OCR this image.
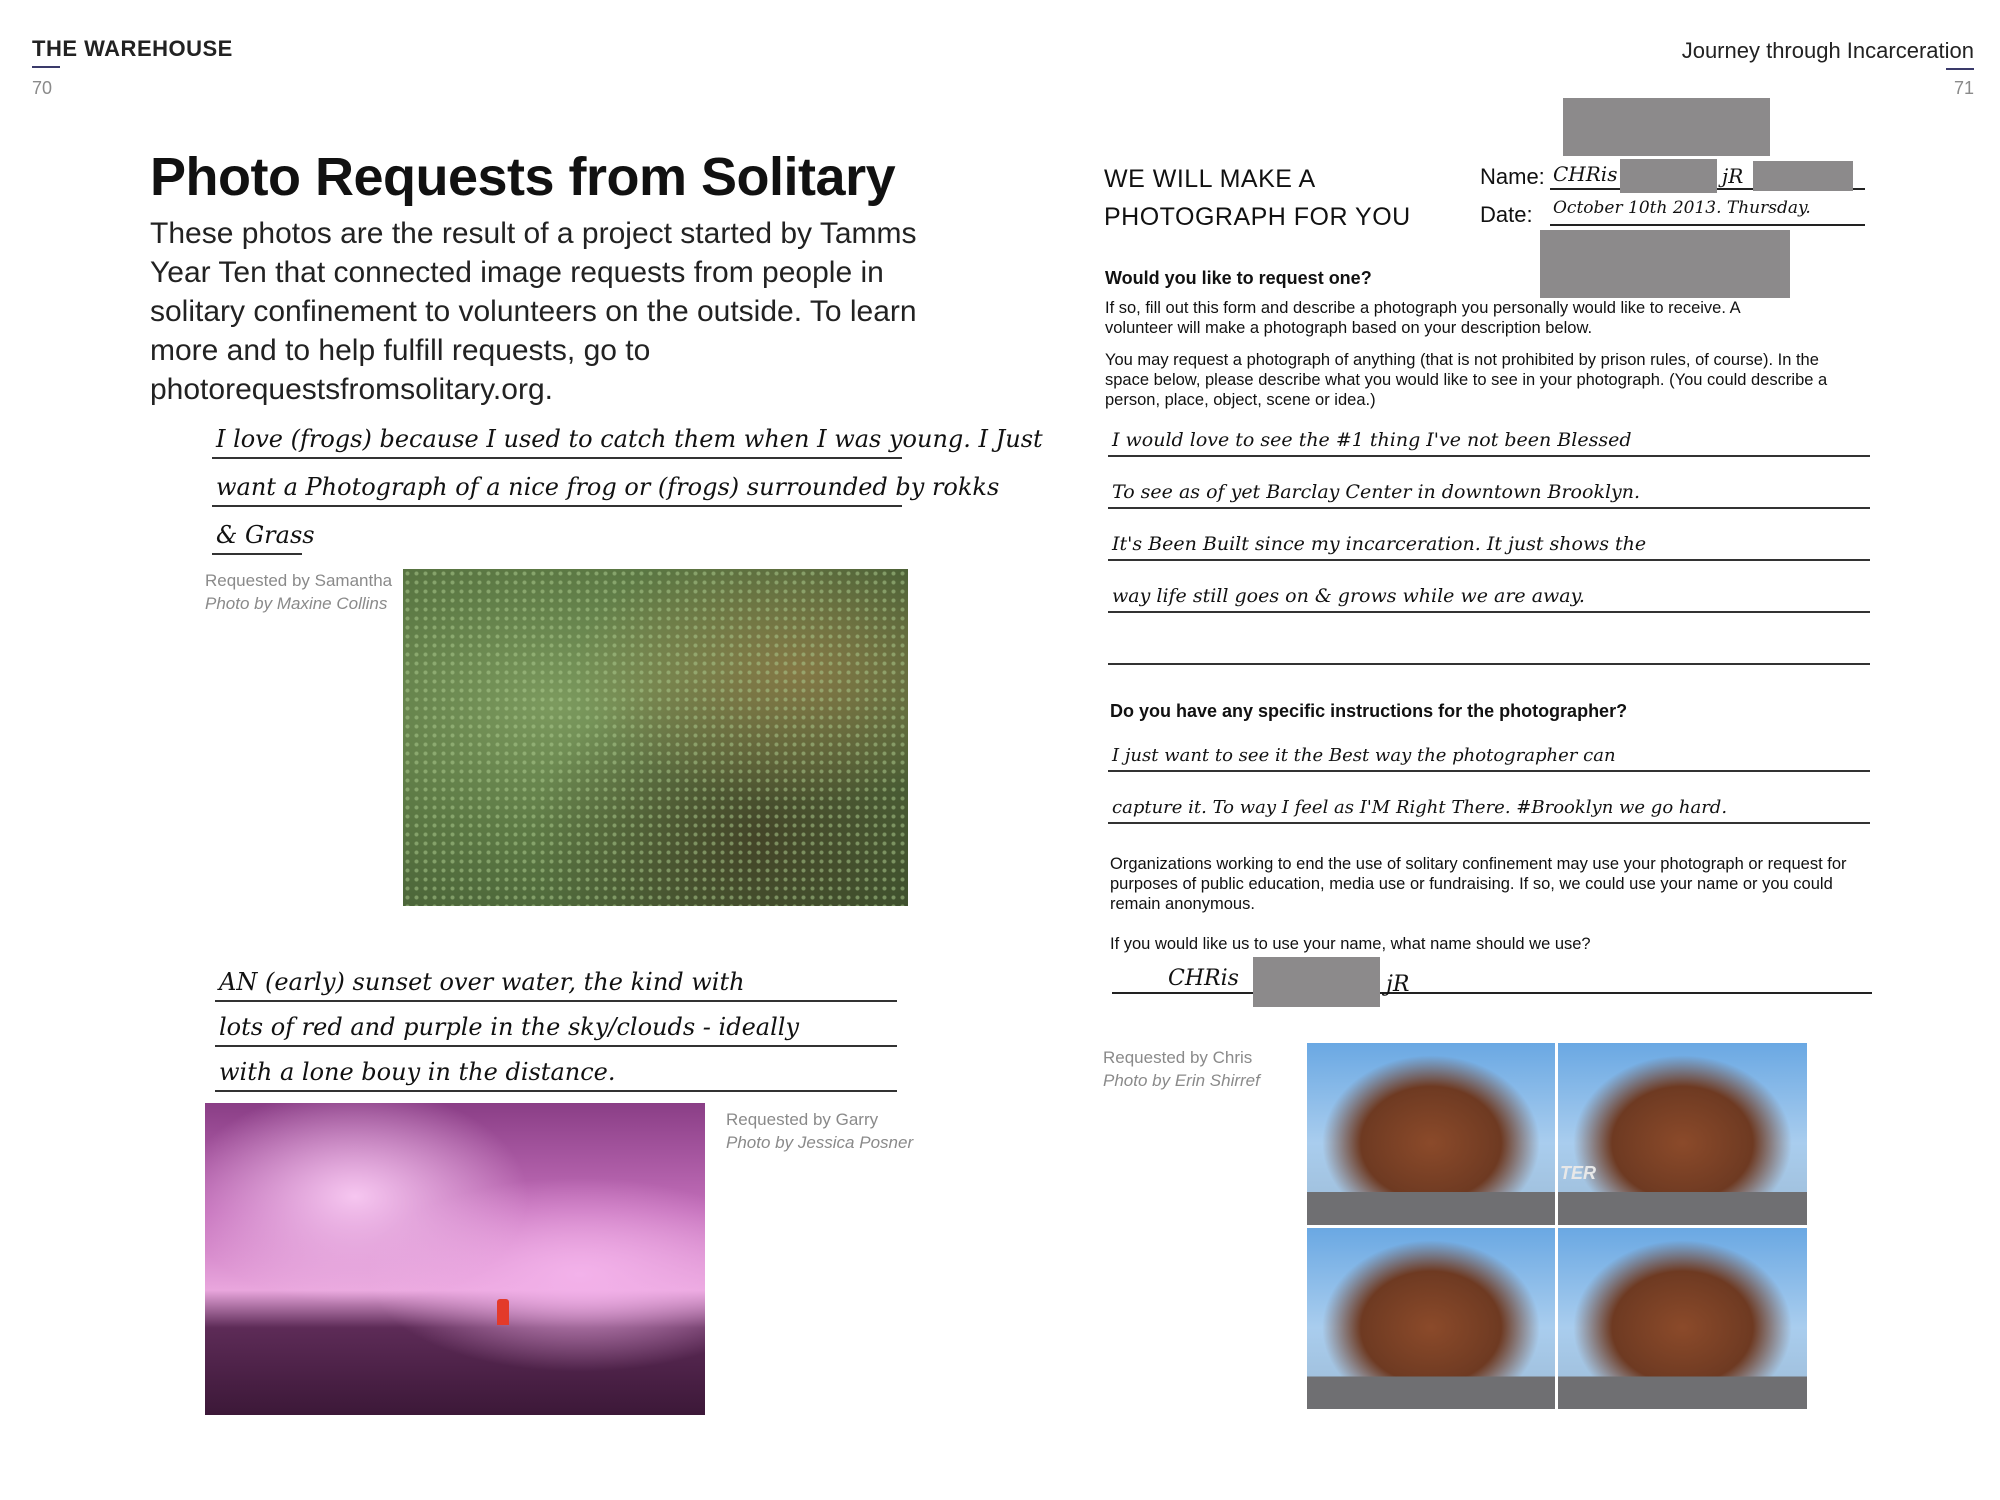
THE WAREHOUSE
70
Journey through Incarceration
71
Photo Requests from Solitary

These photos are the result of a project started by Tamms Year Ten that connected image requests from people in solitary confinement to volunteers on the outside. To learn more and to help fulfill requests, go to photorequestsfromsolitary.org.

I love (frogs) because I used to catch them when I was young. I Just
want a Photograph of a nice frog or (frogs) surrounded by rokks
& Grass
Requested by Samantha
Photo by Maxine Collins
AN (early) sunset over water, the kind with
lots of red and purple in the sky/clouds - ideally
with a lone bouy in the distance.
Requested by Garry
Photo by Jessica Posner
WE WILL MAKE A
PHOTOGRAPH FOR YOU
Name: CHRis	jR
Date: October 10th 2013. Thursday.
Would you like to request one?

If so, fill out this form and describe a photograph you personally would like to receive. A volunteer will make a photograph based on your description below.

You may request a photograph of anything (that is not prohibited by prison rules, of course). In the space below, please describe what you would like to see in your photograph. (You could describe a person, place, object, scene or idea.)

I would love to see the #1 thing I've not been Blessed
To see as of yet Barclay Center in downtown Brooklyn.
It's Been Built since my incarceration. It just shows the
way life still goes on & grows while we are away.
Do you have any specific instructions for the photographer?
I just want to see it the Best way the photographer can
capture it. To way I feel as I'M Right There. #Brooklyn we go hard.

Organizations working to end the use of solitary confinement may use your photograph or request for purposes of public education, media use or fundraising. If so, we could use your name or you could remain anonymous.

If you would like us to use your name, what name should we use?

CHRis	jR
Requested by Chris
Photo by Erin Shirref
TER
